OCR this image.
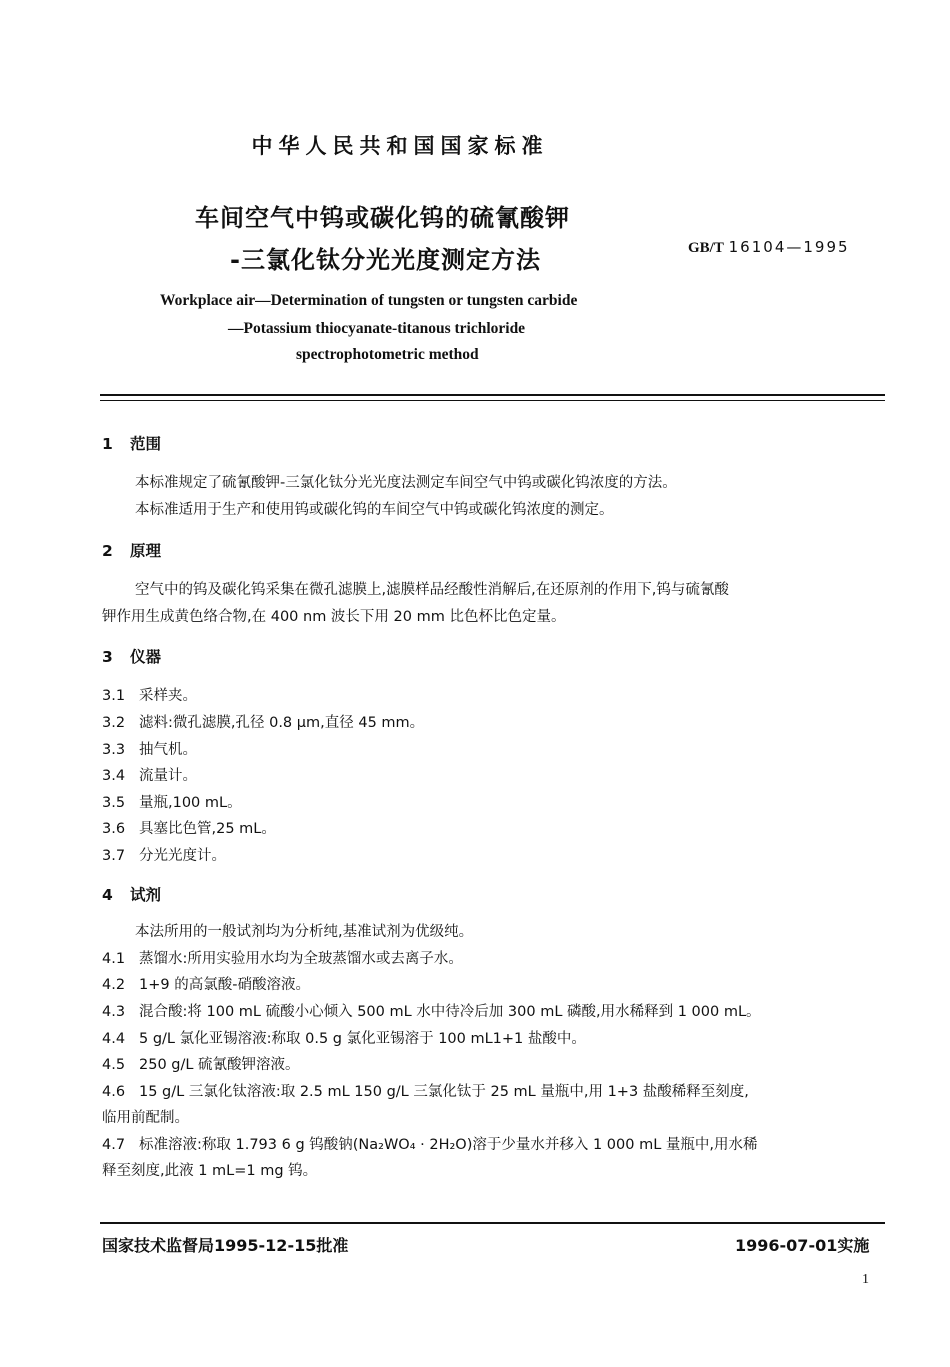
中华人民共和国国家标准
车间空气中钨或碳化钨的硫氰酸钾
-三氯化钛分光光度测定方法	GB/T 16104—1995
Workplace air—Determination of tungsten or tungsten carbide
—Potassium thiocyanate-titanous trichloride
spectrophotometric method
1 范围
本标准规定了硫氰酸钾-三氯化钛分光光度法测定车间空气中钨或碳化钨浓度的方法。
本标准适用于生产和使用钨或碳化钨的车间空气中钨或碳化钨浓度的测定。
2 原理
空气中的钨及碳化钨采集在微孔滤膜上,滤膜样品经酸性消解后,在还原剂的作用下,钨与硫氰酸
钾作用生成黄色络合物,在 400 nm 波长下用 20 mm 比色杯比色定量。
3 仪器
3.1 采样夹。
3.2 滤料:微孔滤膜,孔径 0.8 μm,直径 45 mm。
3.3 抽气机。
3.4 流量计。
3.5 量瓶,100 mL。
3.6 具塞比色管,25 mL。
3.7 分光光度计。
4 试剂
本法所用的一般试剂均为分析纯,基准试剂为优级纯。
4.1 蒸馏水:所用实验用水均为全玻蒸馏水或去离子水。
4.2 1+9 的高氯酸-硝酸溶液。
4.3 混合酸:将 100 mL 硫酸小心倾入 500 mL 水中待冷后加 300 mL 磷酸,用水稀释到 1 000 mL。
4.4 5 g/L 氯化亚锡溶液:称取 0.5 g 氯化亚锡溶于 100 mL1+1 盐酸中。
4.5 250 g/L 硫氰酸钾溶液。
4.6 15 g/L 三氯化钛溶液:取 2.5 mL 150 g/L 三氯化钛于 25 mL 量瓶中,用 1+3 盐酸稀释至刻度,
临用前配制。
4.7 标准溶液:称取 1.793 6 g 钨酸钠(Na₂WO₄ · 2H₂O)溶于少量水并移入 1 000 mL 量瓶中,用水稀
释至刻度,此液 1 mL=1 mg 钨。
国家技术监督局1995-12-15批准	1996-07-01实施
1
